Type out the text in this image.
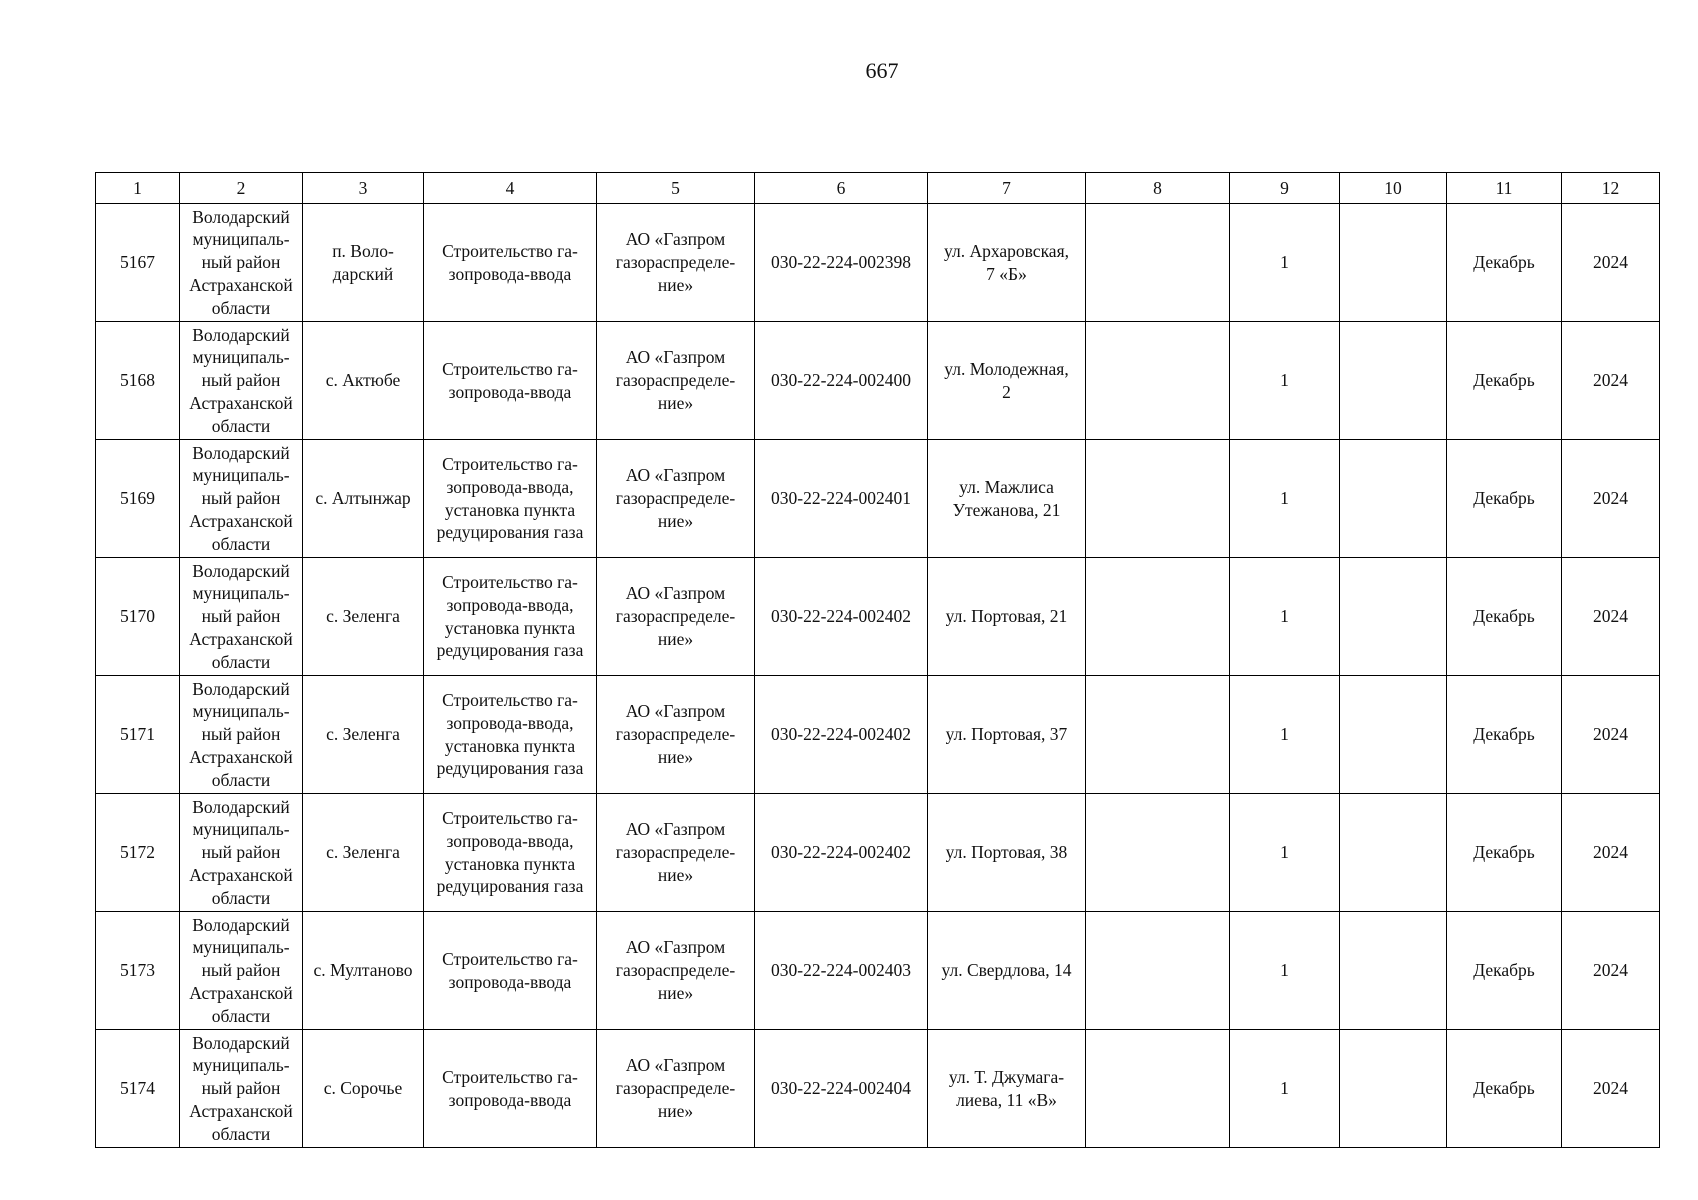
667
1	2	3	4	5	6	7	8	9	10	11	12

5167	Володарский
муниципаль-
ный район
Астраханской
области	п. Воло-
дарский	Строительство га-
зопровода-ввода	АО «Газпром
газораспределе-
ние»	030-22-224-002398	ул. Архаровская,
7 «Б»		1		Декабрь	2024

5168	Володарский
муниципаль-
ный район
Астраханской
области	с. Актюбе	Строительство га-
зопровода-ввода	АО «Газпром
газораспределе-
ние»	030-22-224-002400	ул. Молодежная,
2		1		Декабрь	2024

5169	Володарский
муниципаль-
ный район
Астраханской
области	с. Алтынжар	Строительство га-
зопровода-ввода,
установка пункта
редуцирования газа	АО «Газпром
газораспределе-
ние»	030-22-224-002401	ул. Мажлиса
Утежанова, 21		1		Декабрь	2024

5170	Володарский
муниципаль-
ный район
Астраханской
области	с. Зеленга	Строительство га-
зопровода-ввода,
установка пункта
редуцирования газа	АО «Газпром
газораспределе-
ние»	030-22-224-002402	ул. Портовая, 21		1		Декабрь	2024

5171	Володарский
муниципаль-
ный район
Астраханской
области	с. Зеленга	Строительство га-
зопровода-ввода,
установка пункта
редуцирования газа	АО «Газпром
газораспределе-
ние»	030-22-224-002402	ул. Портовая, 37		1		Декабрь	2024

5172	Володарский
муниципаль-
ный район
Астраханской
области	с. Зеленга	Строительство га-
зопровода-ввода,
установка пункта
редуцирования газа	АО «Газпром
газораспределе-
ние»	030-22-224-002402	ул. Портовая, 38		1		Декабрь	2024

5173	Володарский
муниципаль-
ный район
Астраханской
области	с. Мултаново	Строительство га-
зопровода-ввода	АО «Газпром
газораспределе-
ние»	030-22-224-002403	ул. Свердлова, 14		1		Декабрь	2024

5174	Володарский
муниципаль-
ный район
Астраханской
области	с. Сорочье	Строительство га-
зопровода-ввода	АО «Газпром
газораспределе-
ние»	030-22-224-002404	ул. Т. Джумага-
лиева, 11 «В»		1		Декабрь	2024
